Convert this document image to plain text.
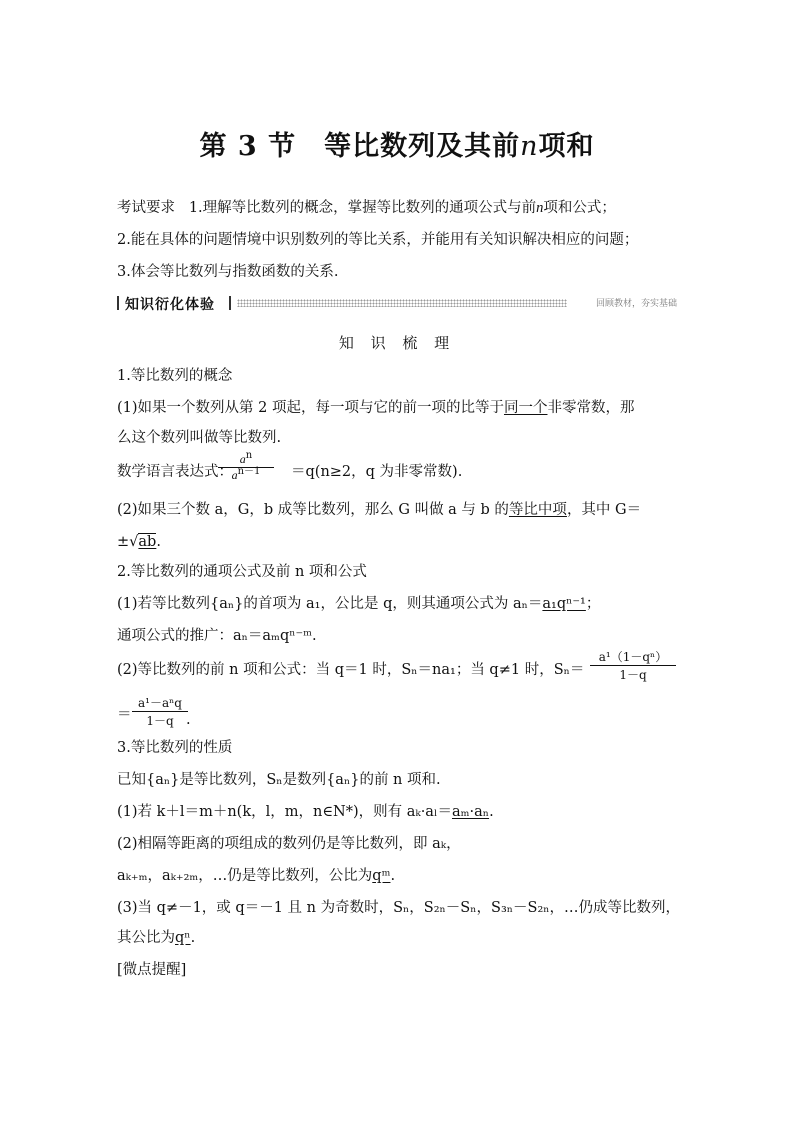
第 3 节　等比数列及其前n项和
考试要求 1.理解等比数列的概念，掌握等比数列的通项公式与前n项和公式；
2.能在具体的问题情境中识别数列的等比关系，并能用有关知识解决相应的问题；
3.体会等比数列与指数函数的关系.
知识衍化体验	回顾教材，夯实基础
知 识 梳 理
1.等比数列的概念
(1)如果一个数列从第 2 项起，每一项与它的前一项的比等于同一个非零常数，那
么这个数列叫做等比数列.
数学语言表达式：	＝q(n≥2，q 为非零常数).
$\frac{a^n}{a^{n-1}}$
(2)如果三个数 a，G，b 成等比数列，那么 G 叫做 a 与 b 的等比中项，其中 G＝
±√ab.
2.等比数列的通项公式及前 n 项和公式
(1)若等比数列{aₙ}的首项为 a₁，公比是 q，则其通项公式为 aₙ＝a₁qⁿ⁻¹；
通项公式的推广：aₙ＝aₘqⁿ⁻ᵐ.
(2)等比数列的前 n 项和公式：当 q＝1 时，Sₙ＝na₁；当 q≠1 时，$S_n= \frac{\text{a¹（1－qⁿ）}}{1-q}$
＝
a¹－aⁿq
1－q .
3.等比数列的性质
已知{aₙ}是等比数列，Sₙ是数列{aₙ}的前 n 项和.
(1)若 k＋l＝m＋n(k，l，m，n∈N*)，则有 aₖ·aₗ＝aₘ·aₙ.
(2)相隔等距离的项组成的数列仍是等比数列，即 aₖ，
aₖ₊ₘ，aₖ₊₂ₘ，…仍是等比数列，公比为qᵐ.
(3)当 q≠－1，或 q＝－1 且 n 为奇数时，Sₙ，S₂ₙ－Sₙ，S₃ₙ－S₂ₙ，…仍成等比数列，
其公比为qⁿ.
[微点提醒]
